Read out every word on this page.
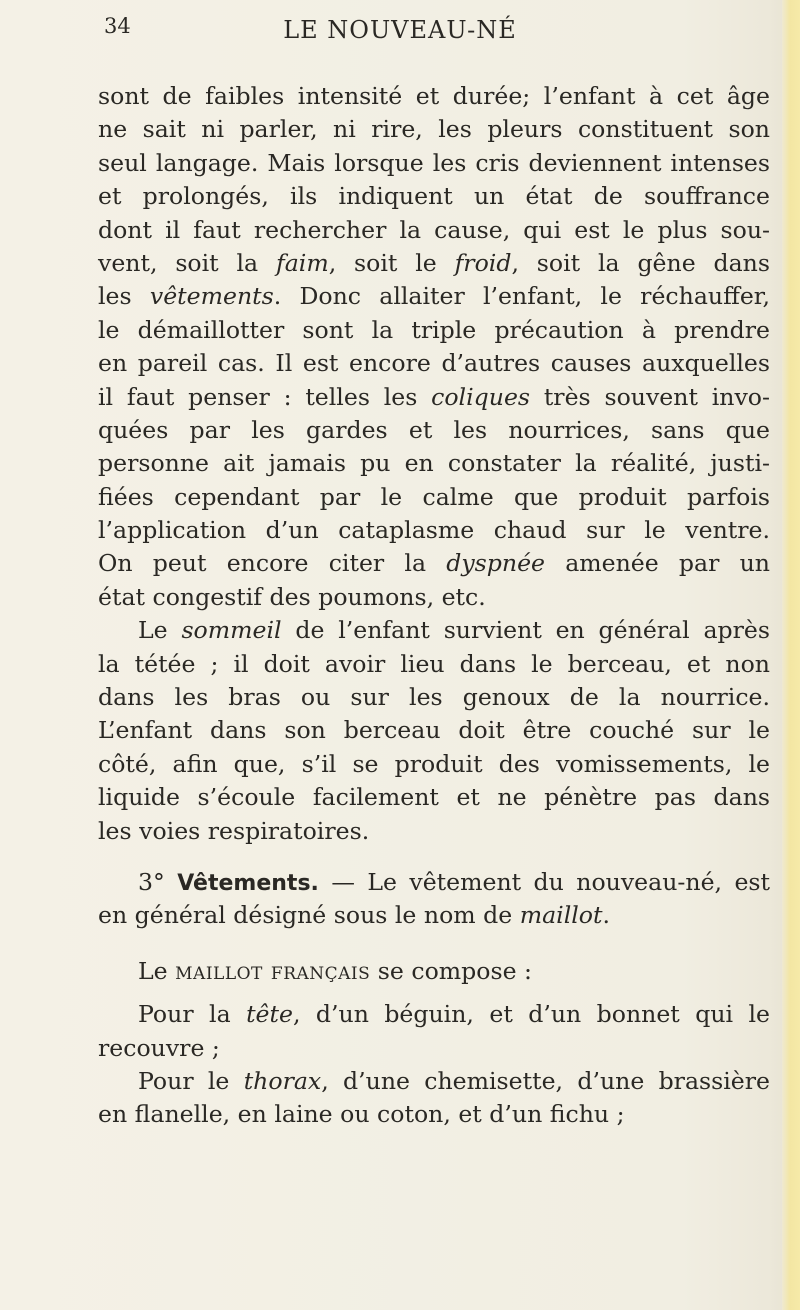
34	LE NOUVEAU-NÉ
sont de faibles intensité et durée; l’enfant à cet âge
ne sait ni parler, ni rire, les pleurs constituent son
seul langage. Mais lorsque les cris deviennent intenses
et prolongés, ils indiquent un état de souffrance
dont il faut rechercher la cause, qui est le plus sou-
vent, soit la faim, soit le froid, soit la gêne dans
les vêtements. Donc allaiter l’enfant, le réchauffer,
le démaillotter sont la triple précaution à prendre
en pareil cas. Il est encore d’autres causes auxquelles
il faut penser : telles les coliques très souvent invo-
quées par les gardes et les nourrices, sans que
personne ait jamais pu en constater la réalité, justi-
fiées cependant par le calme que produit parfois
l’application d’un cataplasme chaud sur le ventre.
On peut encore citer la dyspnée amenée par un
état congestif des poumons, etc.
Le sommeil de l’enfant survient en général après
la tétée ; il doit avoir lieu dans le berceau, et non
dans les bras ou sur les genoux de la nourrice.
L’enfant dans son berceau doit être couché sur le
côté, afin que, s’il se produit des vomissements, le
liquide s’écoule facilement et ne pénètre pas dans
les voies respiratoires.
3° Vêtements. — Le vêtement du nouveau-né, est
en général désigné sous le nom de maillot.
Le maillot français se compose :
Pour la tête, d’un béguin, et d’un bonnet qui le
recouvre ;
Pour le thorax, d’une chemisette, d’une brassière
en flanelle, en laine ou coton, et d’un fichu ;
